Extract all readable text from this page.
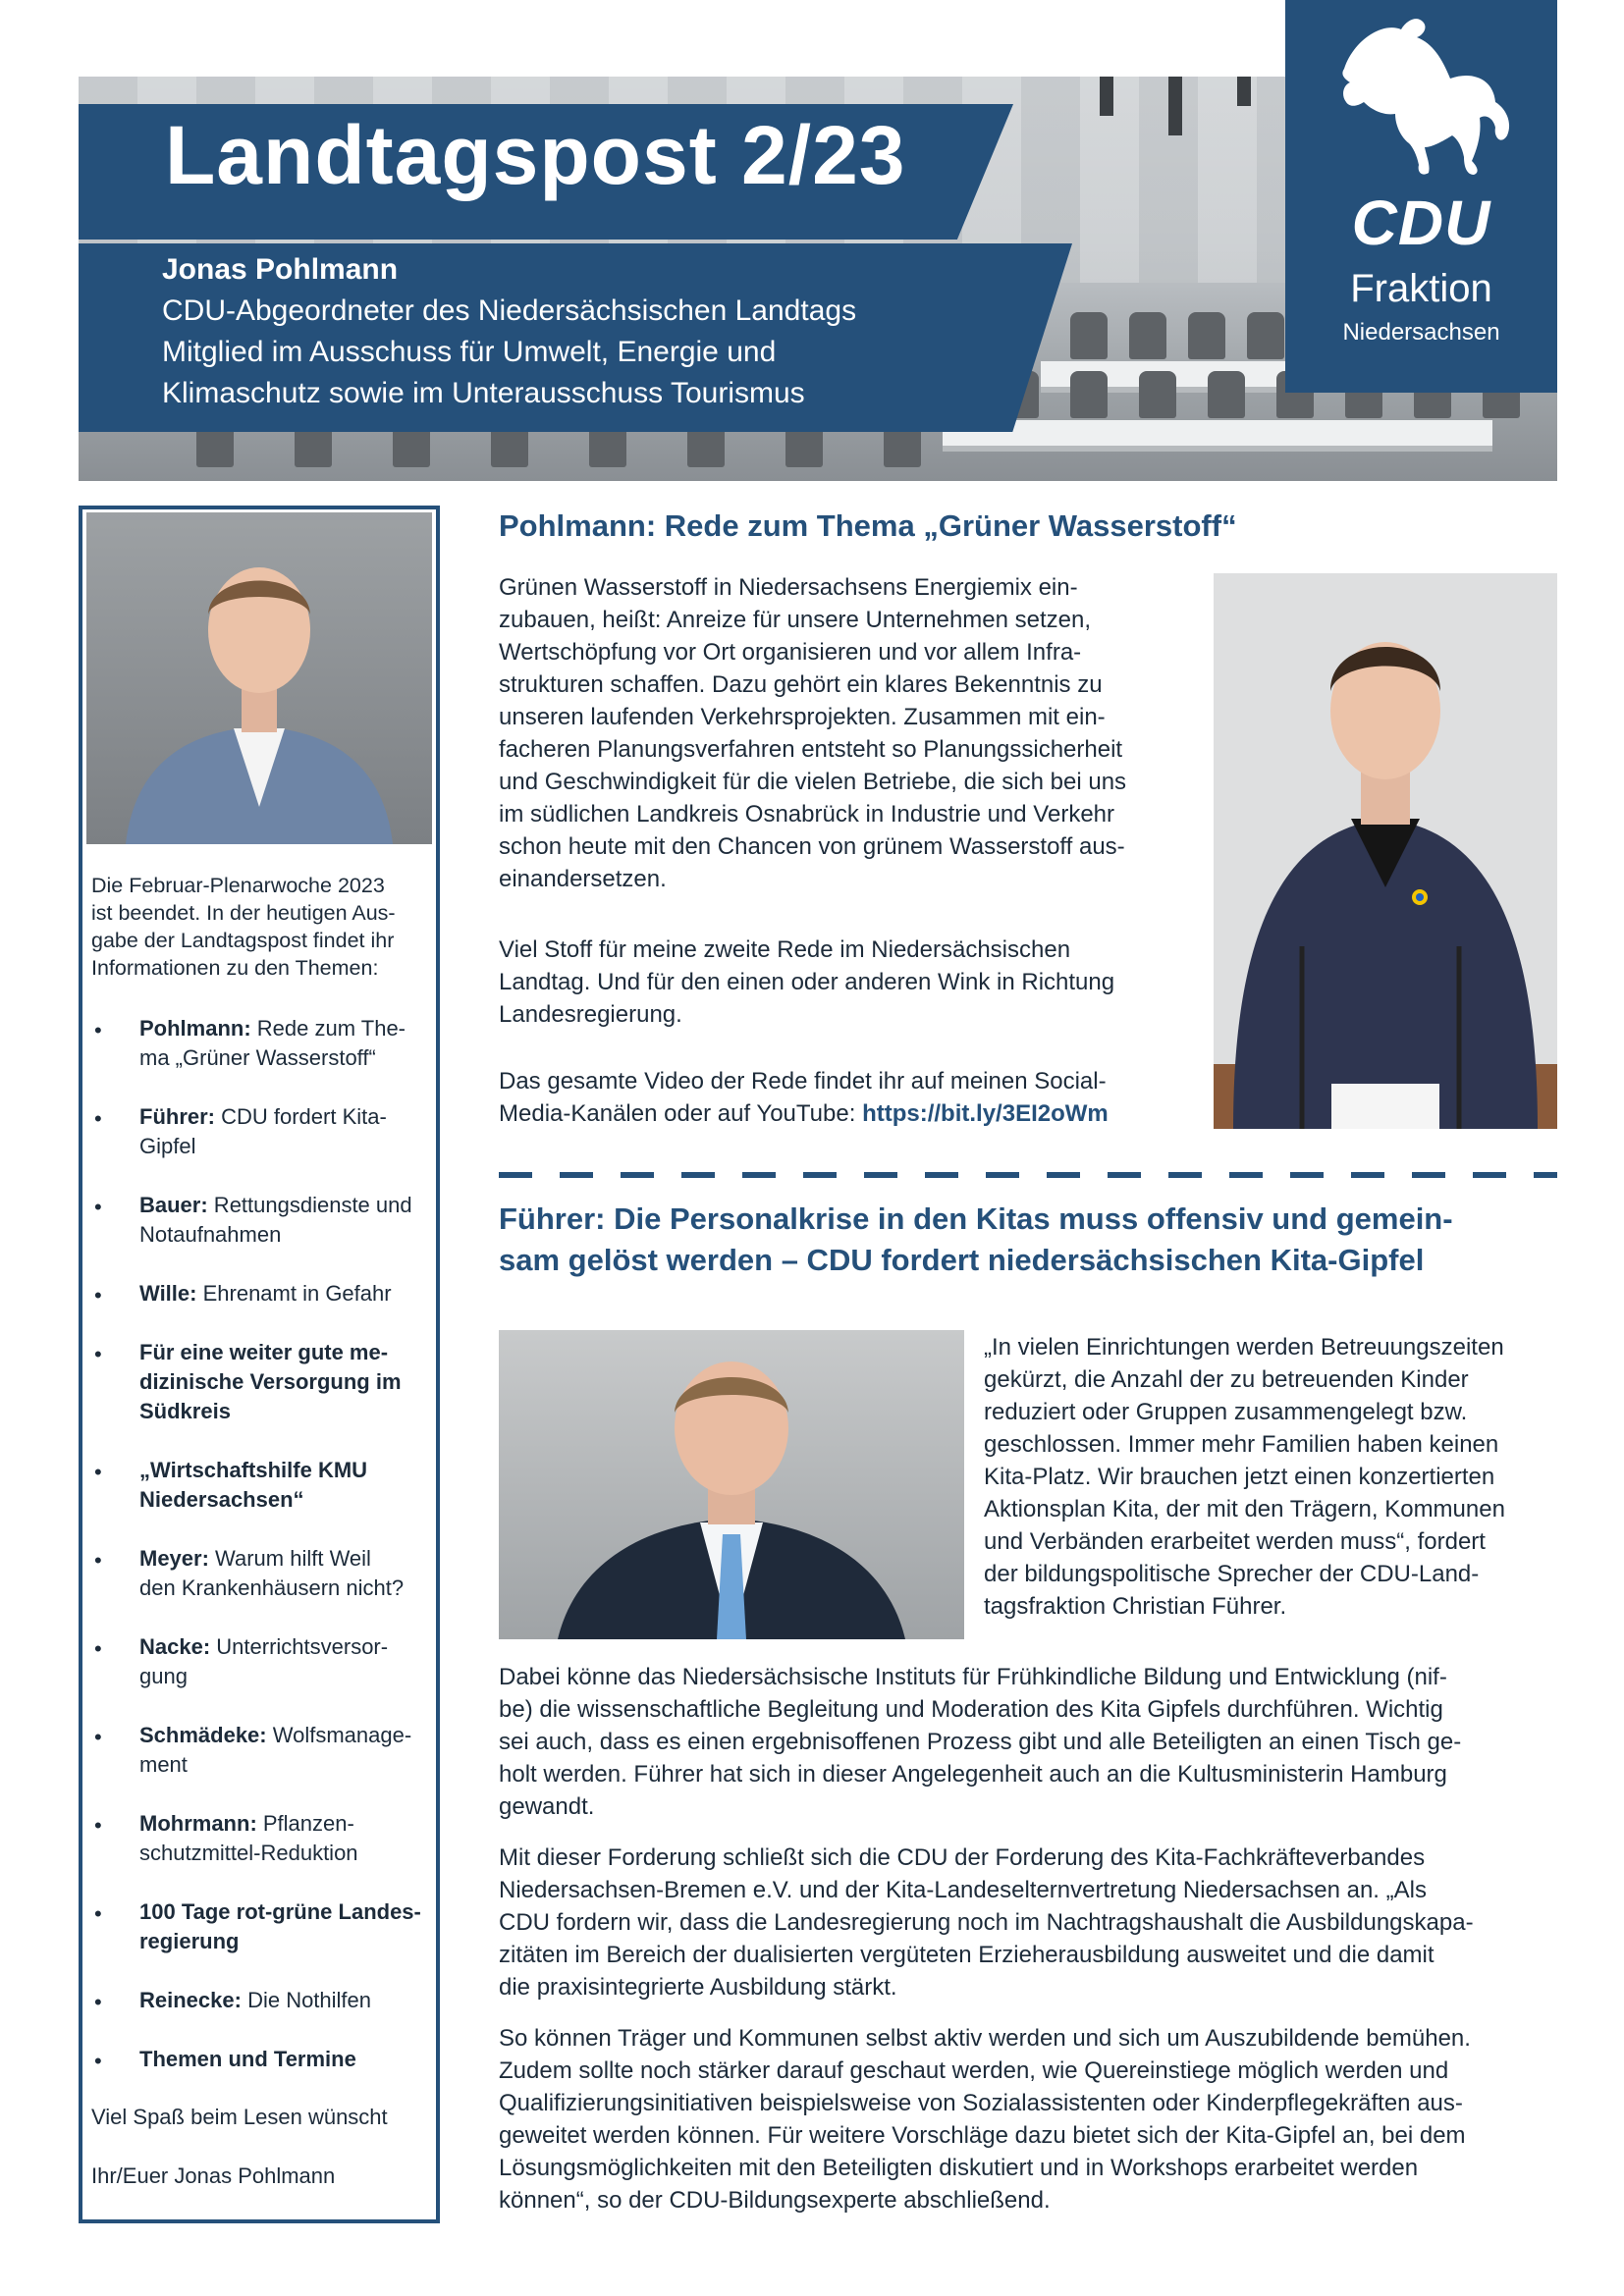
Landtagspost 2/23
Jonas Pohlmann
CDU-Abgeordneter des Niedersächsischen Landtags
Mitglied im Ausschuss für Umwelt, Energie und
Klimaschutz sowie im Unterausschuss Tourismus
CDU
Fraktion
Niedersachsen
Die Februar-Plenarwoche 2023
ist beendet. In der heutigen Aus-
gabe der Landtagspost findet ihr
Informationen zu den Themen:
• Pohlmann: Rede zum The-
ma „Grüner Wasserstoff“
• Führer: CDU fordert Kita-
Gipfel
• Bauer: Rettungsdienste und
Notaufnahmen
• Wille: Ehrenamt in Gefahr
• Für eine weiter gute me-
dizinische Versorgung im
Südkreis
• „Wirtschaftshilfe KMU
Niedersachsen“
• Meyer: Warum hilft Weil
den Krankenhäusern nicht?
• Nacke: Unterrichtsversor-
gung
• Schmädeke: Wolfsmanage-
ment
• Mohrmann: Pflanzen-
schutzmittel-Reduktion
• 100 Tage rot-grüne Landes-
regierung
• Reinecke: Die Nothilfen
• Themen und Termine
Viel Spaß beim Lesen wünscht
Ihr/Euer Jonas Pohlmann
Pohlmann: Rede zum Thema „Grüner Wasserstoff“

Grünen Wasserstoff in Niedersachsens Energiemix ein-

zubauen, heißt: Anreize für unsere Unternehmen setzen,

Wertschöpfung vor Ort organisieren und vor allem Infra-

strukturen schaffen. Dazu gehört ein klares Bekenntnis zu

unseren laufenden Verkehrsprojekten. Zusammen mit ein-

facheren Planungsverfahren entsteht so Planungssicherheit

und Geschwindigkeit für die vielen Betriebe, die sich bei uns

im südlichen Landkreis Osnabrück in Industrie und Verkehr

schon heute mit den Chancen von grünem Wasserstoff aus-

einandersetzen.

Viel Stoff für meine zweite Rede im Niedersächsischen

Landtag. Und für den einen oder anderen Wink in Richtung

Landesregierung.

Das gesamte Video der Rede findet ihr auf meinen Social-

Media-Kanälen oder auf YouTube: https://bit.ly/3EI2oWm

Führer: Die Personalkrise in den Kitas muss offensiv und gemein-
sam gelöst werden – CDU fordert niedersächsischen Kita-Gipfel

„In vielen Einrichtungen werden Betreuungszeiten

gekürzt, die Anzahl der zu betreuenden Kinder

reduziert oder Gruppen zusammengelegt bzw.

geschlossen. Immer mehr Familien haben keinen

Kita-Platz. Wir brauchen jetzt einen konzertierten

Aktionsplan Kita, der mit den Trägern, Kommunen

und Verbänden erarbeitet werden muss“, fordert

der bildungspolitische Sprecher der CDU-Land-

tagsfraktion Christian Führer.

Dabei könne das Niedersächsische Instituts für Frühkindliche Bildung und Entwicklung (nif-

be) die wissenschaftliche Begleitung und Moderation des Kita Gipfels durchführen. Wichtig

sei auch, dass es einen ergebnisoffenen Prozess gibt und alle Beteiligten an einen Tisch ge-

holt werden. Führer hat sich in dieser Angelegenheit auch an die Kultusministerin Hamburg

gewandt.

Mit dieser Forderung schließt sich die CDU der Forderung des Kita-Fachkräfteverbandes

Niedersachsen-Bremen e.V. und der Kita-Landeselternvertretung Niedersachsen an. „Als

CDU fordern wir, dass die Landesregierung noch im Nachtragshaushalt die Ausbildungskapa-

zitäten im Bereich der dualisierten vergüteten Erzieherausbildung ausweitet und die damit

die praxisintegrierte Ausbildung stärkt.

So können Träger und Kommunen selbst aktiv werden und sich um Auszubildende bemühen.

Zudem sollte noch stärker darauf geschaut werden, wie Quereinstiege möglich werden und

Qualifizierungsinitiativen beispielsweise von Sozialassistenten oder Kinderpflegekräften aus-

geweitet werden können. Für weitere Vorschläge dazu bietet sich der Kita-Gipfel an, bei dem

Lösungsmöglichkeiten mit den Beteiligten diskutiert und in Workshops erarbeitet werden

können“, so der CDU-Bildungsexperte abschließend.
